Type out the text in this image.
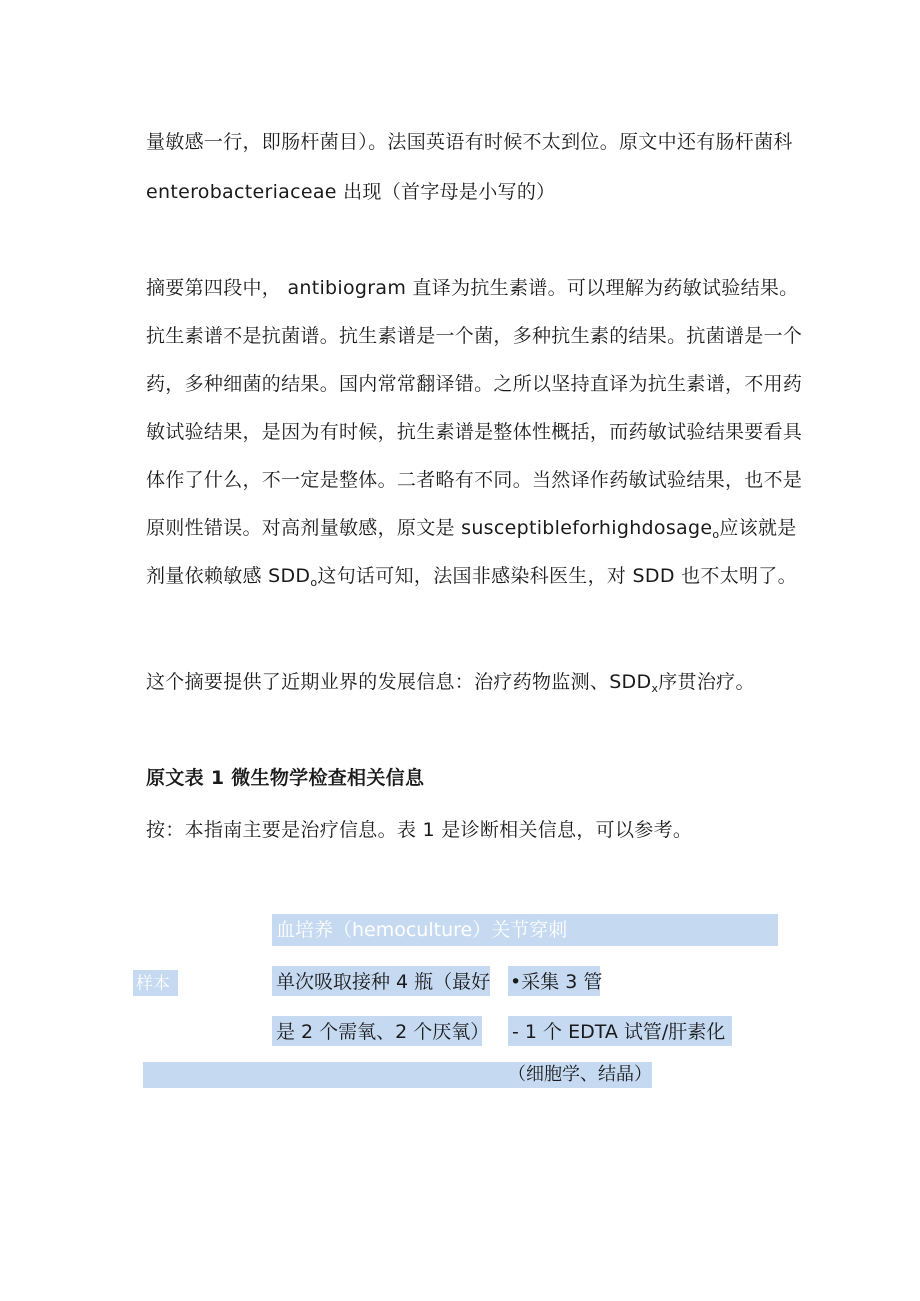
量敏感一行，即肠杆菌目）。法国英语有时候不太到位。原文中还有肠杆菌科
enterobacteriaceae 出现（首字母是小写的）
摘要第四段中， antibiogram 直译为抗生素谱。可以理解为药敏试验结果。
抗生素谱不是抗菌谱。抗生素谱是一个菌，多种抗生素的结果。抗菌谱是一个
药，多种细菌的结果。国内常常翻译错。之所以坚持直译为抗生素谱，不用药
敏试验结果，是因为有时候，抗生素谱是整体性概括，而药敏试验结果要看具
体作了什么，不一定是整体。二者略有不同。当然译作药敏试验结果，也不是
原则性错误。对高剂量敏感，原文是 susceptibleforhighdosage$_o$应该就是
剂量依赖敏感 $SDD_o$这句话可知，法国非感染科医生，对 SDD 也不太明了。
这个摘要提供了近期业界的发展信息：治疗药物监测、$SDD_x$序贯治疗。
原文表 1 微生物学检查相关信息
按：本指南主要是治疗信息。表 1 是诊断相关信息，可以参考。
血培养（hemoculture）关节穿刺
样本	单次吸取接种 4 瓶（最好
是 2 个需氧、2 个厌氧）
•采集 3 管
- 1 个 EDTA 试管/肝素化
（细胞学、结晶）
